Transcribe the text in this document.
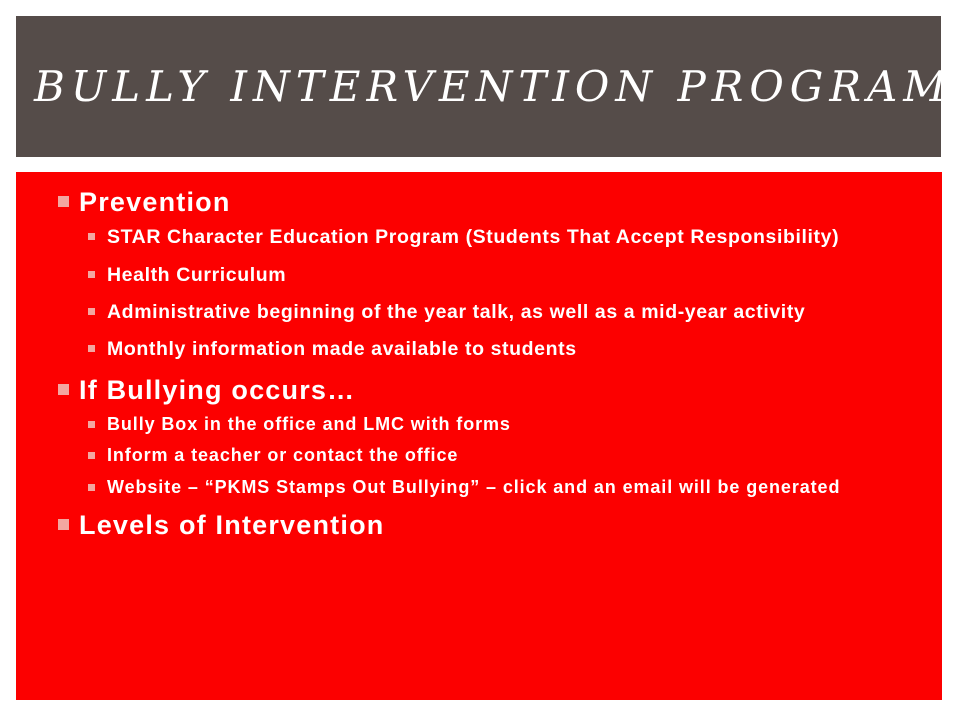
BULLY INTERVENTION PROGRAM
Prevention
STAR Character Education Program (Students That Accept Responsibility)
Health Curriculum
Administrative beginning of the year talk, as well as a mid-year activity
Monthly information made available to students
If Bullying occurs…
Bully Box in the office and LMC with forms
Inform a teacher or contact the office
Website – “PKMS Stamps Out Bullying” – click and an email will be generated
Levels of Intervention
